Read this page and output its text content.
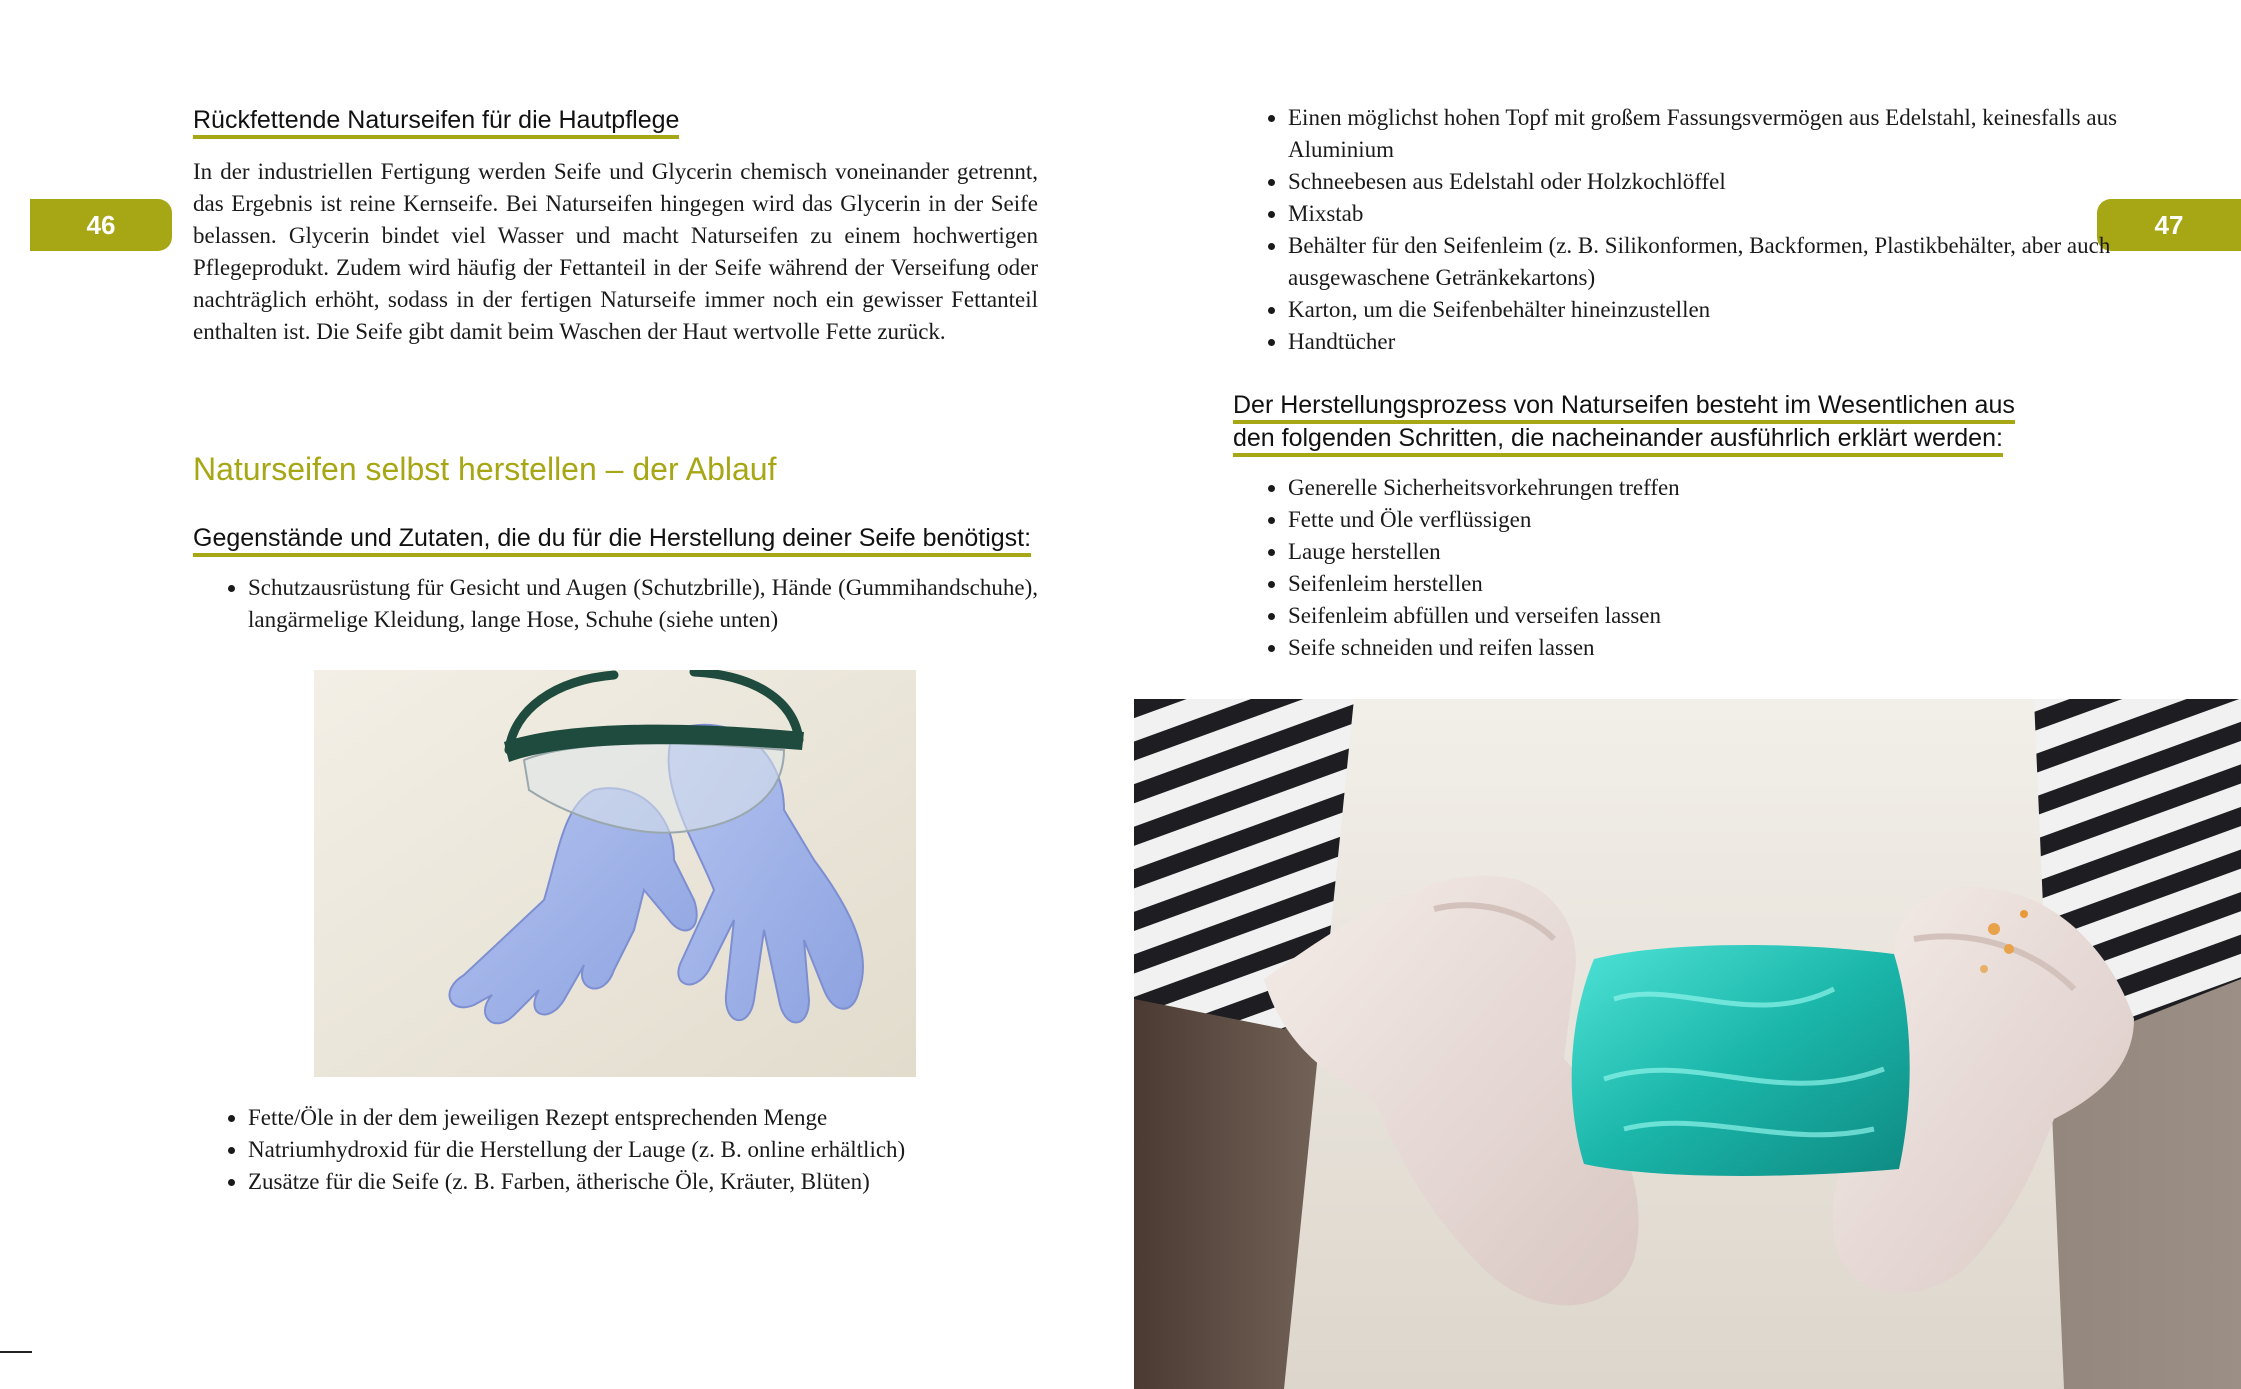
46
Rückfettende Naturseifen für die Hautpflege

In der industriellen Fertigung werden Seife und Glycerin chemisch voneinander getrennt, das Ergebnis ist reine Kernseife. Bei Naturseifen hingegen wird das Glycerin in der Seife belassen. Glycerin bindet viel Wasser und macht Naturseifen zu einem hochwertigen Pflegeprodukt. Zudem wird häufig der Fettanteil in der Seife während der Verseifung oder nachträglich erhöht, sodass in der fertigen Naturseife immer noch ein gewisser Fettanteil enthalten ist. Die Seife gibt damit beim Waschen der Haut wertvolle Fette zurück.

Naturseifen selbst herstellen – der Ablauf
Gegenstände und Zutaten, die du für die Herstellung deiner Seife benötigst:
• Schutzausrüstung für Gesicht und Augen (Schutzbrille), Hände (Gummihandschuhe), langärmelige Kleidung, lange Hose, Schuhe (siehe unten)
• Fette/Öle in der dem jeweiligen Rezept entsprechenden Menge
• Natriumhydroxid für die Herstellung der Lauge (z. B. online erhältlich)
• Zusätze für die Seife (z. B. Farben, ätherische Öle, Kräuter, Blüten)
47
• Einen möglichst hohen Topf mit großem Fassungsvermögen aus Edelstahl, keinesfalls aus Aluminium
• Schneebesen aus Edelstahl oder Holzkochlöffel
• Mixstab
• Behälter für den Seifenleim (z. B. Silikonformen, Backformen, Plastikbehälter, aber auch ausgewaschene Getränkekartons)
• Karton, um die Seifenbehälter hineinzustellen
• Handtücher
Der Herstellungsprozess von Naturseifen besteht im Wesentlichen aus den folgenden Schritten, die nacheinander ausführlich erklärt werden:
• Generelle Sicherheitsvorkehrungen treffen
• Fette und Öle verflüssigen
• Lauge herstellen
• Seifenleim herstellen
• Seifenleim abfüllen und verseifen lassen
• Seife schneiden und reifen lassen
